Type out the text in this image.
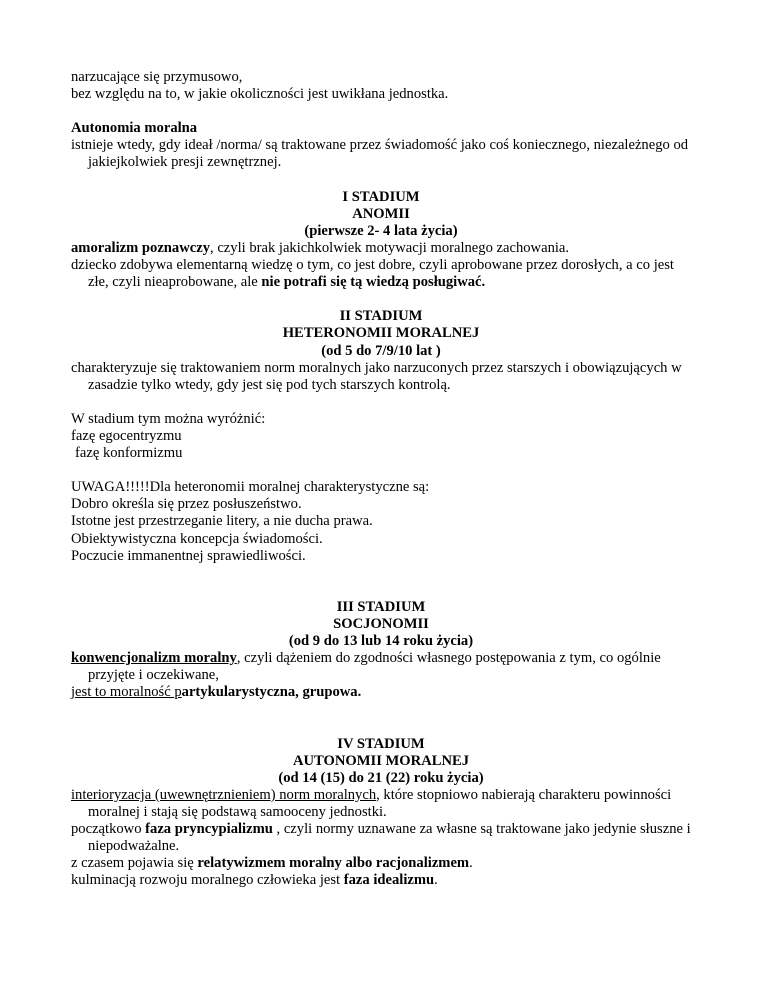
narzucające się przymusowo,

bez względu na to, w jakie okoliczności jest uwikłana jednostka.

Autonomia moralna

istnieje wtedy, gdy ideał /norma/ są traktowane przez świadomość jako coś koniecznego, niezależnego od jakiejkolwiek presji zewnętrznej.

I STADIUM

ANOMII

(pierwsze 2- 4 lata życia)

amoralizm poznawczy, czyli brak jakichkolwiek motywacji moralnego zachowania.

dziecko zdobywa elementarną wiedzę o tym, co jest dobre, czyli aprobowane przez dorosłych, a co jest złe, czyli nieaprobowane, ale nie potrafi się tą wiedzą posługiwać.

II STADIUM

HETERONOMII MORALNEJ

(od 5 do 7/9/10 lat )

charakteryzuje się traktowaniem norm moralnych jako narzuconych przez starszych i obowiązujących w zasadzie tylko wtedy, gdy jest się pod tych starszych kontrolą.

W stadium tym można wyróżnić:

fazę egocentryzmu

fazę konformizmu

UWAGA!!!!!Dla heteronomii moralnej charakterystyczne są:

Dobro określa się przez posłuszeństwo.

Istotne jest przestrzeganie litery, a nie ducha prawa.

Obiektywistyczna koncepcja świadomości.

Poczucie immanentnej sprawiedliwości.

III STADIUM

SOCJONOMII

(od 9 do 13 lub 14 roku życia)

konwencjonalizm moralny, czyli dążeniem do zgodności własnego postępowania z tym, co ogólnie przyjęte i oczekiwane,

jest to moralność partykularystyczna, grupowa.

IV STADIUM

AUTONOMII MORALNEJ

(od 14 (15) do 21 (22) roku życia)

interioryzacja (uwewnętrznieniem) norm moralnych, które stopniowo nabierają charakteru powinności moralnej i stają się podstawą samooceny jednostki.

początkowo faza pryncypializmu , czyli normy uznawane za własne są traktowane jako jedynie słuszne i niepodważalne.

z czasem pojawia się relatywizmem moralny albo racjonalizmem.

kulminacją rozwoju moralnego człowieka jest faza idealizmu.
